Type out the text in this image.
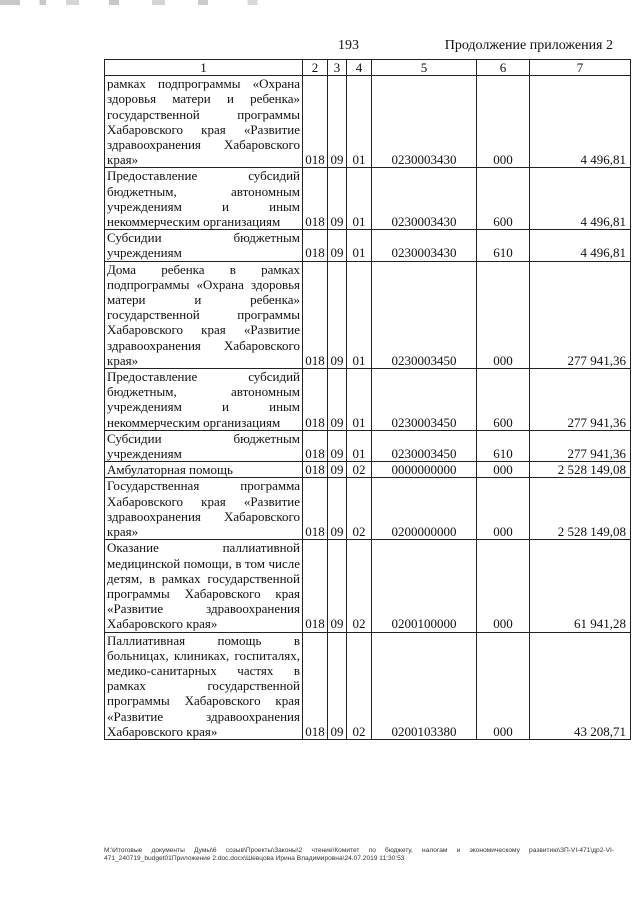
193	Продолжение приложения 2
1	2	3	4	5	6	7
рамках подпрограммы «Охрана здоровья матери и ребенка» государственной программы Хабаровского края «Развитие здравоохранения Хабаровского края»	018	09	01	0230003430	000	4 496,81
Предоставление субсидий бюджетным, автономным учреждениям и иным некоммерческим организациям	018	09	01	0230003430	600	4 496,81
Субсидии бюджетным учреждениям	018	09	01	0230003430	610	4 496,81
Дома ребенка в рамках подпрограммы «Охрана здоровья матери и ребенка» государственной программы Хабаровского края «Развитие здравоохранения Хабаровского края»	018	09	01	0230003450	000	277 941,36
Предоставление субсидий бюджетным, автономным учреждениям и иным некоммерческим организациям	018	09	01	0230003450	600	277 941,36
Субсидии бюджетным учреждениям	018	09	01	0230003450	610	277 941,36
Амбулаторная помощь	018	09	02	0000000000	000	2 528 149,08
Государственная программа Хабаровского края «Развитие здравоохранения Хабаровского края»	018	09	02	0200000000	000	2 528 149,08
Оказание паллиативной медицинской помощи, в том числе детям, в рамках государственной программы Хабаровского края «Развитие здравоохранения Хабаровского края»	018	09	02	0200100000	000	61 941,28
Паллиативная помощь в больницах, клиниках, госпиталях, медико-санитарных частях в рамках государственной программы Хабаровского края «Развитие здравоохранения Хабаровского края»	018	09	02	0200103380	000	43 208,71
M:\Итоговые документы Думы\6 созыв\Проекты\Законы\2 чтение\Комитет по бюджету, налогам и экономическому развитию\ЗП-VI-471\др2-VI-471_240719_budget01Приложение 2.doc.docx\Шевцова Ирина Владимировна\24.07.2019 11:30:53
